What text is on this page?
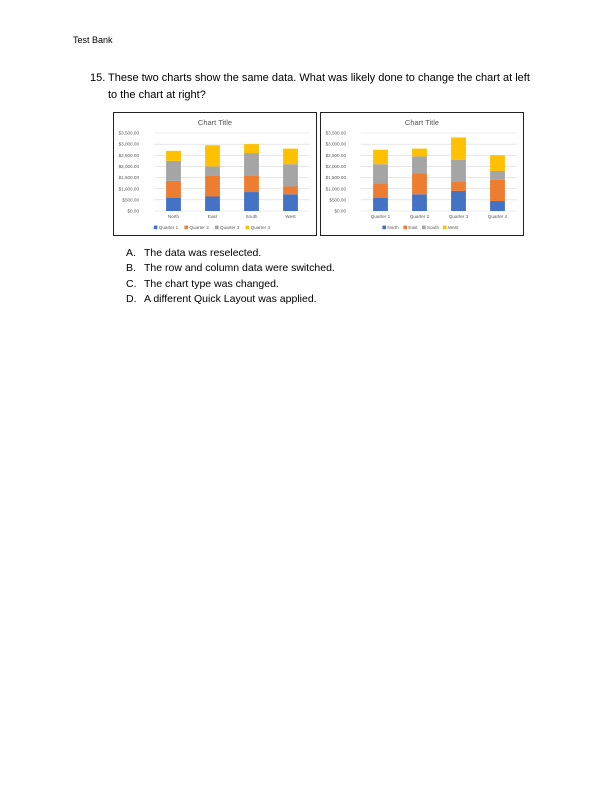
Test Bank
15. These two charts show the same data. What was likely done to change the chart at left to the chart at right?
Chart Title
$0.00
$500.00
$1,000.00
$1,500.00
$2,000.00
$2,500.00
$3,000.00
$3,500.00
North	East	South	West
Quarter 1 Quarter 2 Quarter 3 Quarter 4
Chart Title
$0.00
$500.00
$1,000.00
$1,500.00
$2,000.00
$2,500.00
$3,000.00
$3,500.00
Quarter 1	Quarter 2	Quarter 3	Quarter 4
North East South West
A. The data was reselected.
B. The row and column data were switched.
C. The chart type was changed.
D. A different Quick Layout was applied.
